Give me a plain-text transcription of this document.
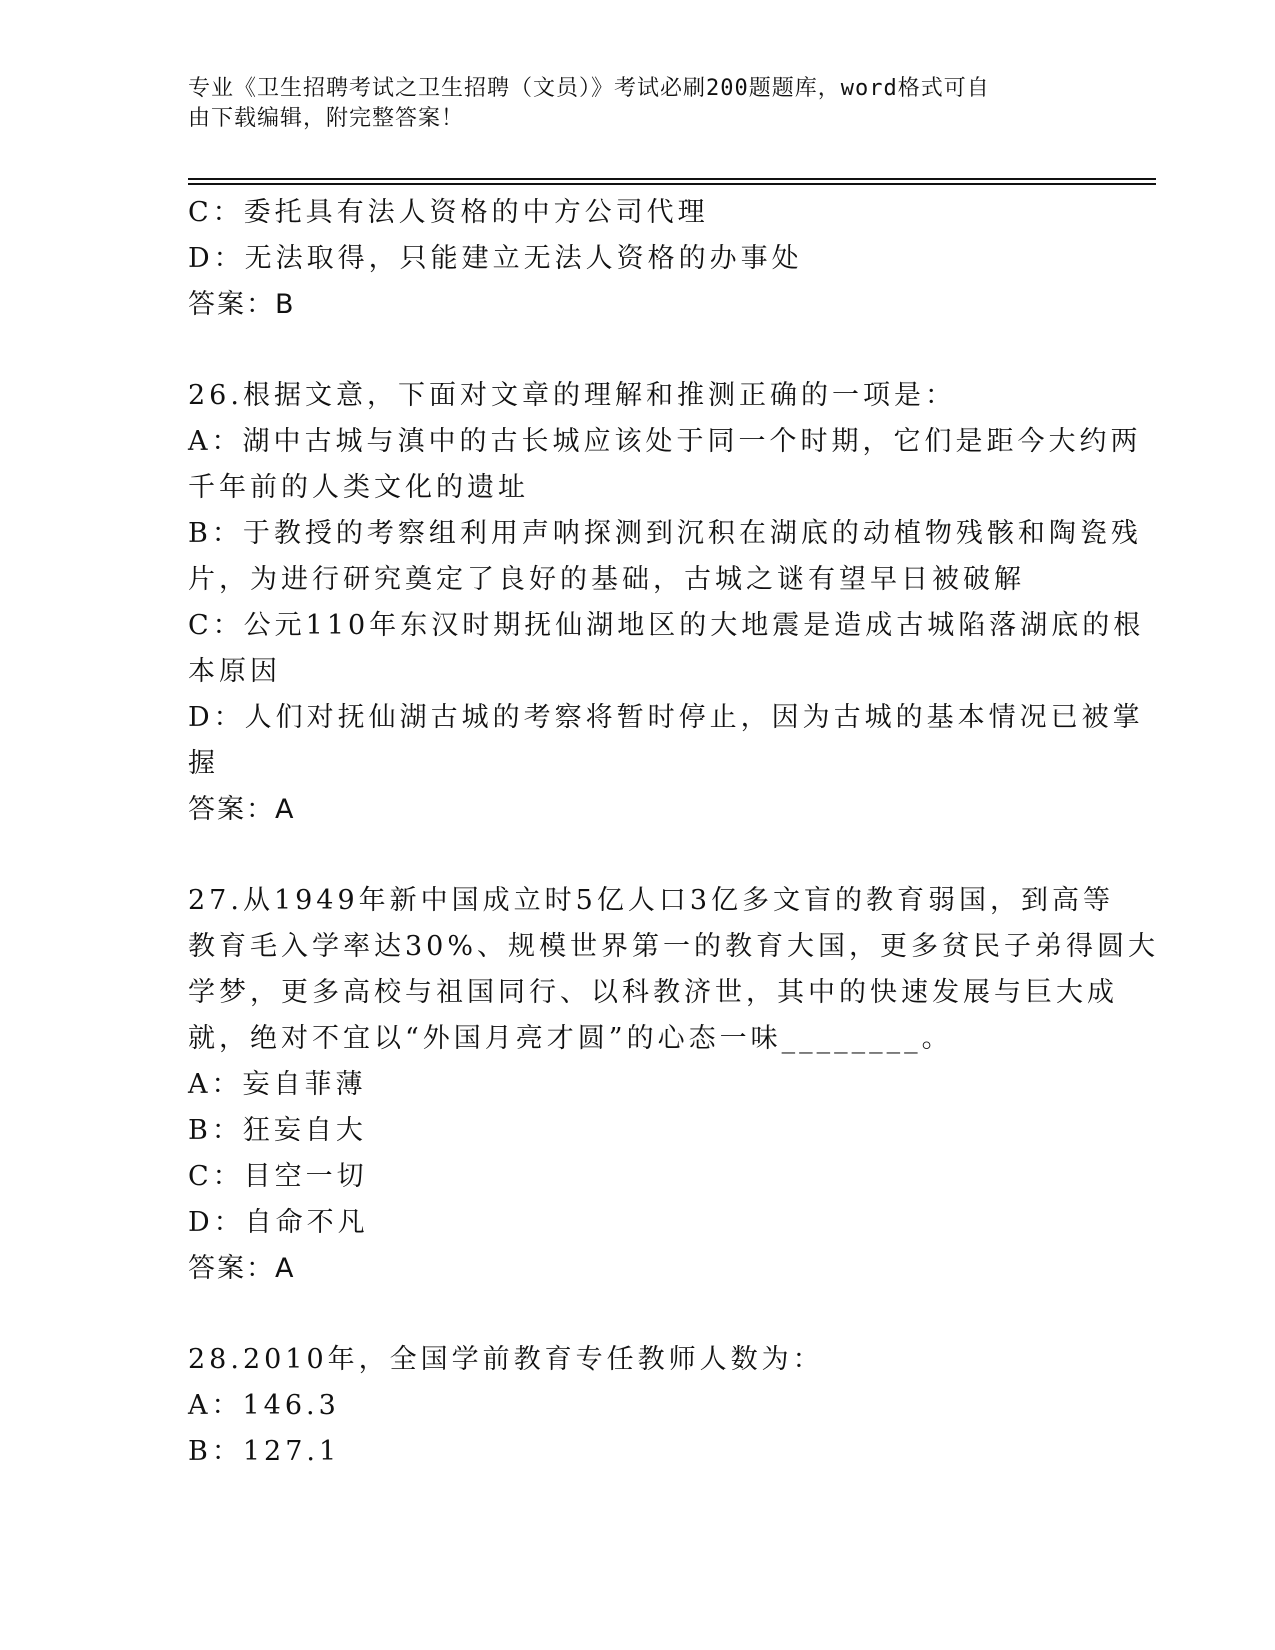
专业《卫生招聘考试之卫生招聘（文员）》考试必刷200题题库，word格式可自
由下载编辑，附完整答案！
C：委托具有法人资格的中方公司代理
D：无法取得，只能建立无法人资格的办事处
答案：B
26.根据文意，下面对文章的理解和推测正确的一项是：
A：湖中古城与滇中的古长城应该处于同一个时期，它们是距今大约两
千年前的人类文化的遗址
B：于教授的考察组利用声呐探测到沉积在湖底的动植物残骸和陶瓷残
片，为进行研究奠定了良好的基础，古城之谜有望早日被破解
C：公元110年东汉时期抚仙湖地区的大地震是造成古城陷落湖底的根
本原因
D：人们对抚仙湖古城的考察将暂时停止，因为古城的基本情况已被掌
握
答案：A
27.从1949年新中国成立时5亿人口3亿多文盲的教育弱国，到高等
教育毛入学率达30%、规模世界第一的教育大国，更多贫民子弟得圆大
学梦，更多高校与祖国同行、以科教济世，其中的快速发展与巨大成
就，绝对不宜以“外国月亮才圆”的心态一味________。
A：妄自菲薄
B：狂妄自大
C：目空一切
D：自命不凡
答案：A
28.2010年，全国学前教育专任教师人数为：
A：146.3
B：127.1
